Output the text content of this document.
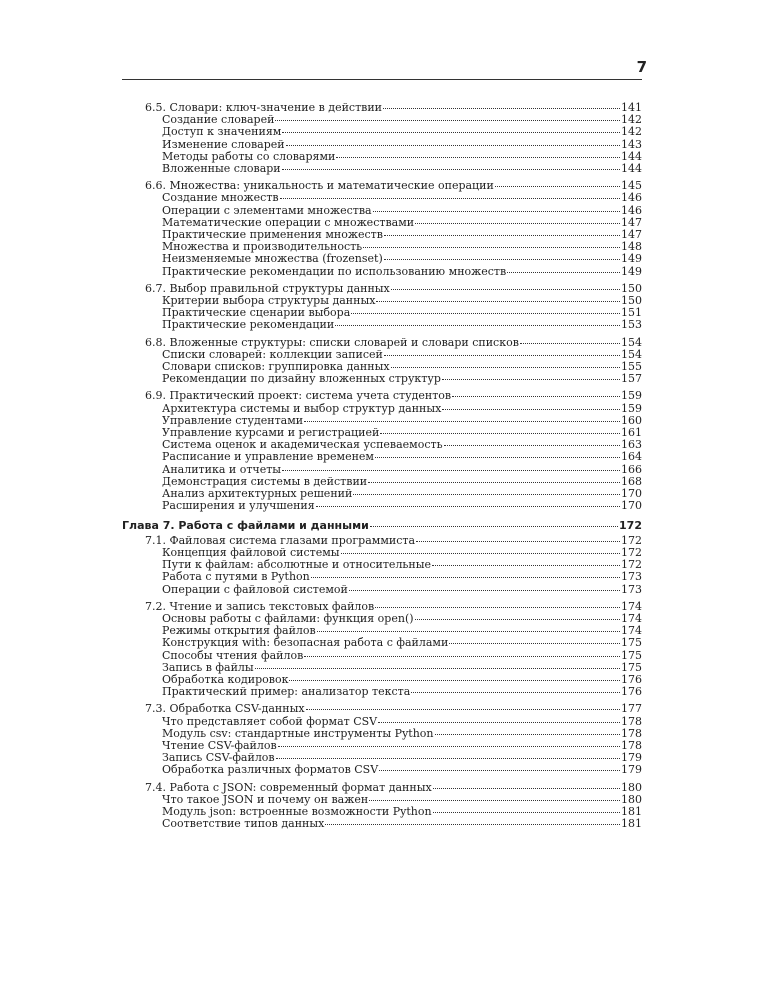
7
6.5. Словари: ключ-значение в действии	141
Создание словарей	142
Доступ к значениям	142
Изменение словарей	143
Методы работы со словарями	144
Вложенные словари	144
6.6. Множества: уникальность и математические операции	145
Создание множеств	146
Операции с элементами множества	146
Математические операции с множествами	147
Практические применения множеств	147
Множества и производительность	148
Неизменяемые множества (frozenset)	149
Практические рекомендации по использованию множеств	149
6.7. Выбор правильной структуры данных	150
Критерии выбора структуры данных	150
Практические сценарии выбора	151
Практические рекомендации	153
6.8. Вложенные структуры: списки словарей и словари списков	154
Списки словарей: коллекции записей	154
Словари списков: группировка данных	155
Рекомендации по дизайну вложенных структур	157
6.9. Практический проект: система учета студентов	159
Архитектура системы и выбор структур данных	159
Управление студентами	160
Управление курсами и регистрацией	161
Система оценок и академическая успеваемость	163
Расписание и управление временем	164
Аналитика и отчеты	166
Демонстрация системы в действии	168
Анализ архитектурных решений	170
Расширения и улучшения	170
Глава 7. Работа с файлами и данными	172
7.1. Файловая система глазами программиста	172
Концепция файловой системы	172
Пути к файлам: абсолютные и относительные	172
Работа с путями в Python	173
Операции с файловой системой	173
7.2. Чтение и запись текстовых файлов	174
Основы работы с файлами: функция open()	174
Режимы открытия файлов	174
Конструкция with: безопасная работа с файлами	175
Способы чтения файлов	175
Запись в файлы	175
Обработка кодировок	176
Практический пример: анализатор текста	176
7.3. Обработка CSV-данных	177
Что представляет собой формат CSV	178
Модуль csv: стандартные инструменты Python	178
Чтение CSV-файлов	178
Запись CSV-файлов	179
Обработка различных форматов CSV	179
7.4. Работа с JSON: современный формат данных	180
Что такое JSON и почему он важен	180
Модуль json: встроенные возможности Python	181
Соответствие типов данных	181
